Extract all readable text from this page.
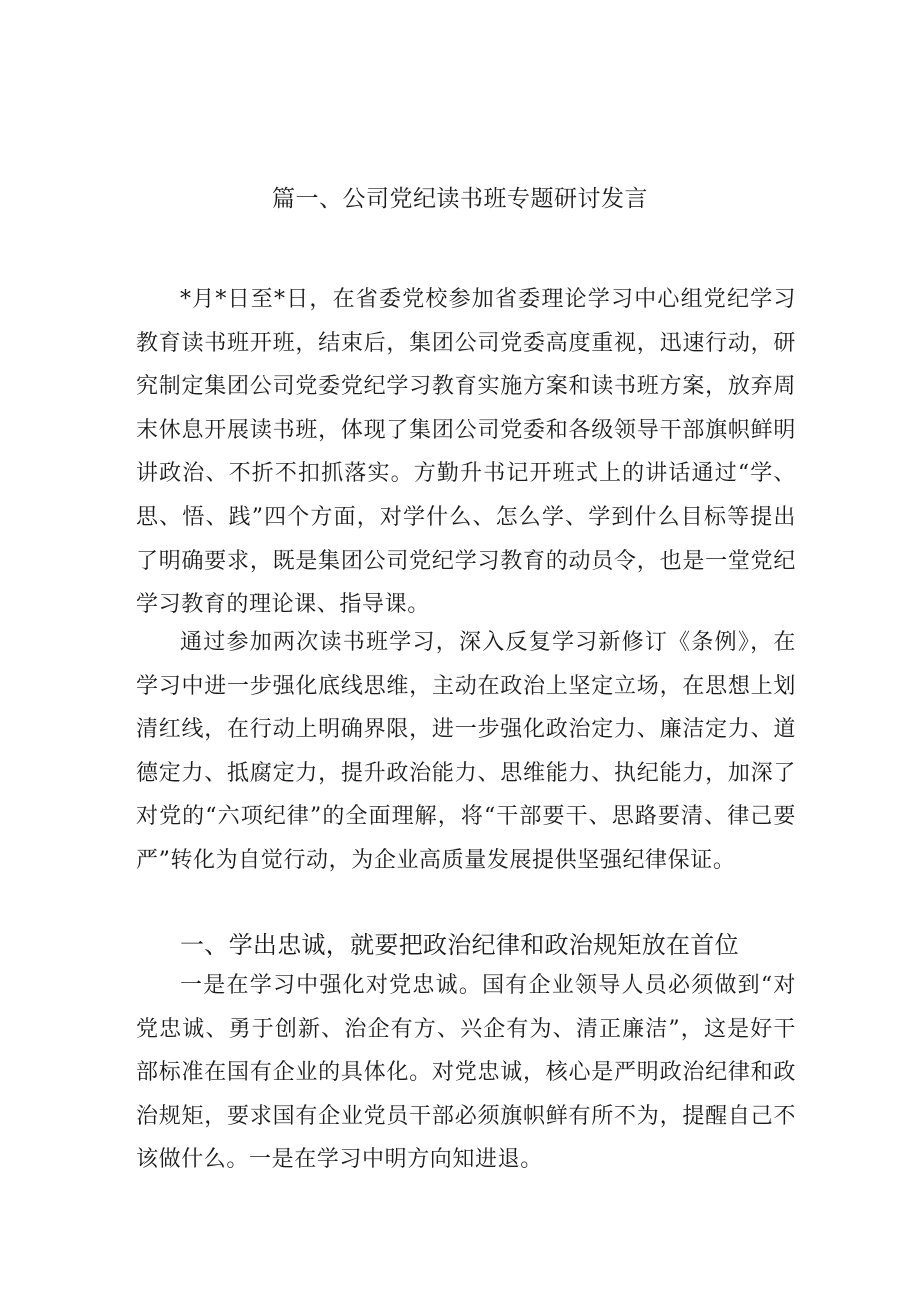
篇一、公司党纪读书班专题研讨发言

*月*日至*日，在省委党校参加省委理论学习中心组党纪学习教育读书班开班，结束后，集团公司党委高度重视，迅速行动，研究制定集团公司党委党纪学习教育实施方案和读书班方案，放弃周末休息开展读书班，体现了集团公司党委和各级领导干部旗帜鲜明讲政治、不折不扣抓落实。方勤升书记开班式上的讲话通过“学、思、悟、践”四个方面，对学什么、怎么学、学到什么目标等提出了明确要求，既是集团公司党纪学习教育的动员令，也是一堂党纪学习教育的理论课、指导课。

通过参加两次读书班学习，深入反复学习新修订《条例》，在学习中进一步强化底线思维，主动在政治上坚定立场，在思想上划清红线，在行动上明确界限，进一步强化政治定力、廉洁定力、道德定力、抵腐定力，提升政治能力、思维能力、执纪能力，加深了对党的“六项纪律”的全面理解，将“干部要干、思路要清、律己要严”转化为自觉行动，为企业高质量发展提供坚强纪律保证。

一、学出忠诚，就要把政治纪律和政治规矩放在首位

一是在学习中强化对党忠诚。国有企业领导人员必须做到“对党忠诚、勇于创新、治企有方、兴企有为、清正廉洁”，这是好干部标准在国有企业的具体化。对党忠诚，核心是严明政治纪律和政治规矩，要求国有企业党员干部必须旗帜鲜有所不为，提醒自己不该做什么。一是在学习中明方向知进退。
